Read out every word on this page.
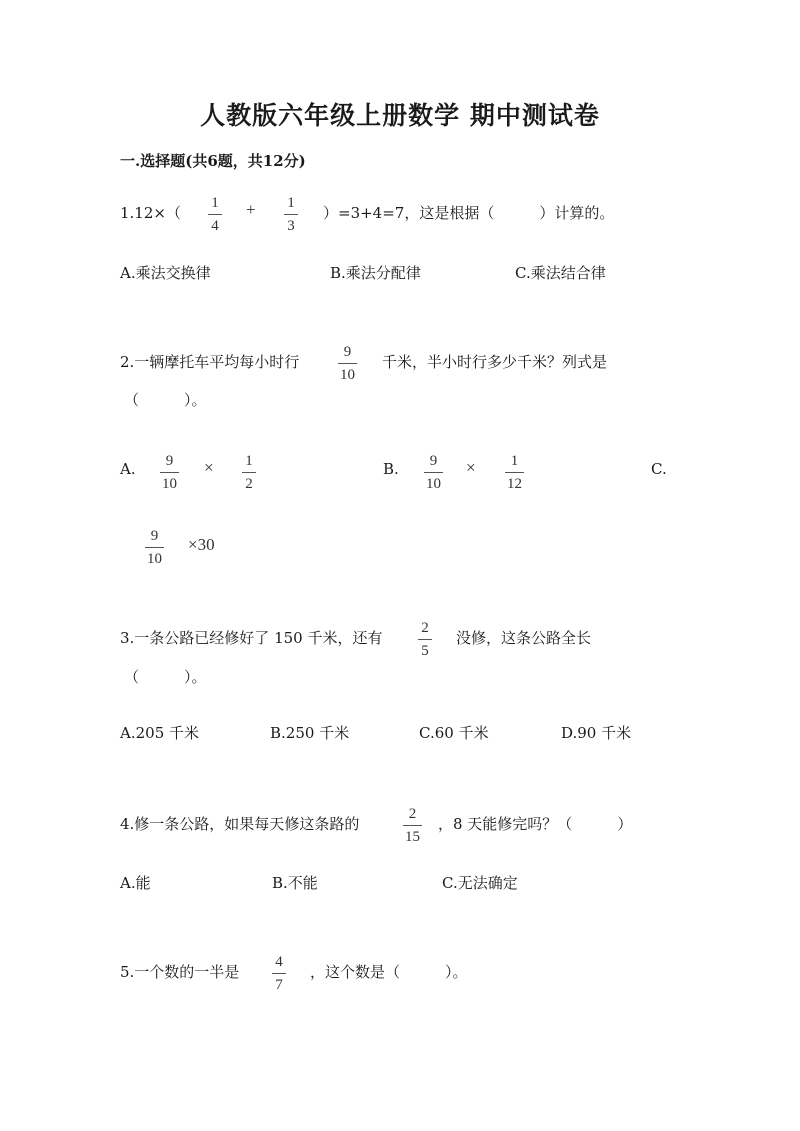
人教版六年级上册数学 期中测试卷
一.选择题(共6题，共12分)
1.12×（
1
4
+ 1
3
）=3+4=7，这是根据（　　　）计算的。
A.乘法交换律	B.乘法分配律	C.乘法结合律
2.一辆摩托车平均每小时行
9
10
千米，半小时行多少千米？列式是
（　　　）。
A. 9
10
× 1
2
B. 9
10
× 1
12
C.
9
10
×30
3.一条公路已经修好了 150 千米，还有
2
5
没修，这条公路全长
（　　　）。
A.205 千米	B.250 千米	C.60 千米	D.90 千米
4.修一条公路，如果每天修这条路的
2
15
，8 天能修完吗？（　　　）
A.能	B.不能	C.无法确定
5.一个数的一半是
4
7
，这个数是（　　　）。
